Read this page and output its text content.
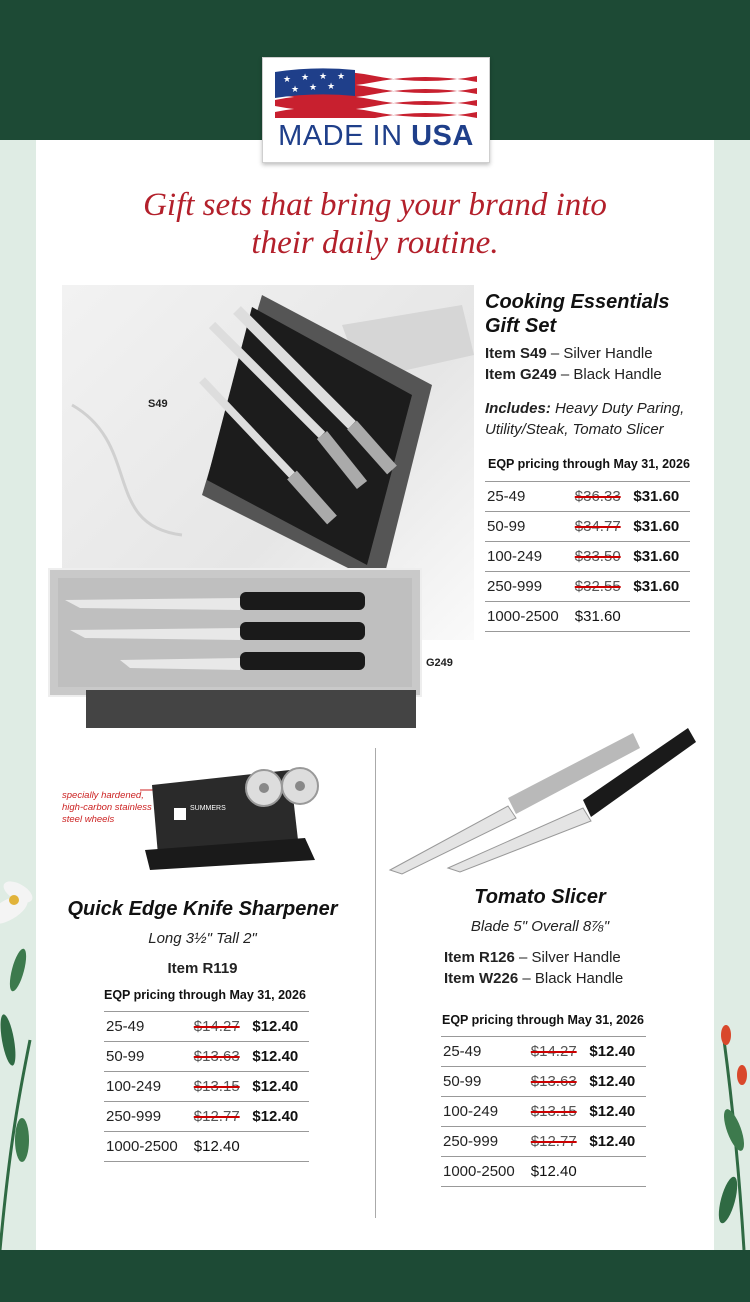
★ ★ ★ ★
★ ★ ★
MADE IN USA
Gift sets that bring your brand into
their daily routine.
S49
G249
Cooking Essentials
Gift Set
Item S49 – Silver Handle
Item G249 – Black Handle
Includes: Heavy Duty Paring,
Utility/Steak, Tomato Slicer
EQP pricing through May 31, 2026
25-49	$36.33	$31.60
50-99	$34.77	$31.60
100-249	$33.50	$31.60
250-999	$32.55	$31.60
1000-2500	$31.60	
specially hardened,
high-carbon stainless
steel wheels
SUMMERS
Quick Edge Knife Sharpener
Long 3½" Tall 2"
Item R119
EQP pricing through May 31, 2026
25-49	$14.27	$12.40
50-99	$13.63	$12.40
100-249	$13.15	$12.40
250-999	$12.77	$12.40
1000-2500	$12.40	
Tomato Slicer
Blade 5" Overall 8⅞"
Item R126 – Silver Handle
Item W226 – Black Handle
EQP pricing through May 31, 2026
25-49	$14.27	$12.40
50-99	$13.63	$12.40
100-249	$13.15	$12.40
250-999	$12.77	$12.40
1000-2500	$12.40	
